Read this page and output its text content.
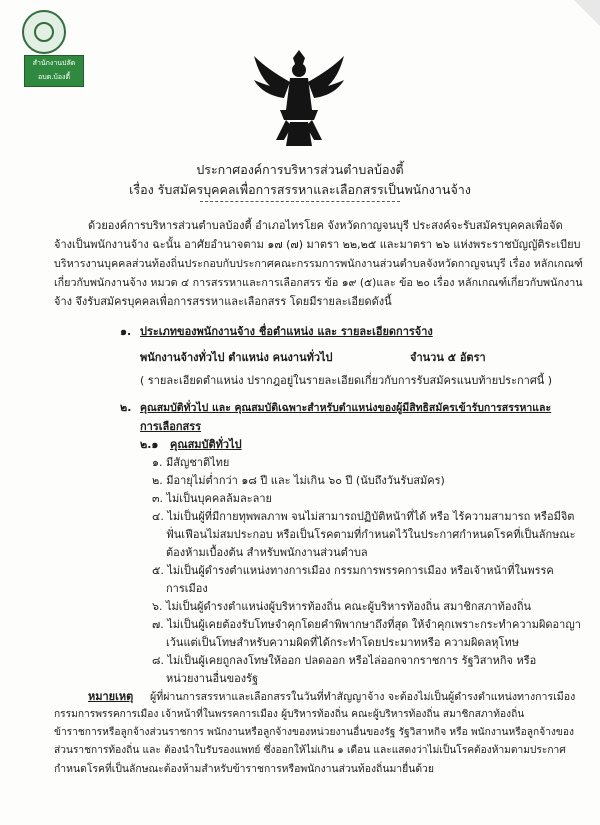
สำนักงานปลัด
อบต.บ้องตี้
ประกาศองค์การบริหารส่วนตำบลบ้องตี้
เรื่อง รับสมัครบุคคลเพื่อการสรรหาและเลือกสรรเป็นพนักงานจ้าง
ด้วยองค์การบริหารส่วนตำบลบ้องตี้ อำเภอไทรโยค จังหวัดกาญจนบุรี ประสงค์จะรับสมัครบุคคลเพื่อจัด
จ้างเป็นพนักงานจ้าง ฉะนั้น อาศัยอำนาจตาม ๑๗ (๗) มาตรา ๒๒,๒๕ และมาตรา ๒๖ แห่งพระราชบัญญัติระเบียบ
บริหารงานบุคคลส่วนท้องถิ่นประกอบกับประกาศคณะกรรมการพนักงานส่วนตำบลจังหวัดกาญจนบุรี เรื่อง หลักเกณฑ์
เกี่ยวกับพนักงานจ้าง หมวด ๔ การสรรหาและการเลือกสรร ข้อ ๑๙ (๕)และ ข้อ ๒๐ เรื่อง หลักเกณฑ์เกี่ยวกับพนักงาน
จ้าง จึงรับสมัครบุคคลเพื่อการสรรหาและเลือกสรร โดยมีรายละเอียดดังนี้
๑. ประเภทของพนักงานจ้าง ชื่อตำแหน่ง และ รายละเอียดการจ้าง
พนักงานจ้างทั่วไป ตำแหน่ง คนงานทั่วไป	จำนวน ๕ อัตรา
( รายละเอียดตำแหน่ง ปรากฎอยู่ในรายละเอียดเกี่ยวกับการรับสมัครแนบท้ายประกาศนี้ )
๒. คุณสมบัติทั่วไป และ คุณสมบัติเฉพาะสำหรับตำแหน่งของผู้มีสิทธิสมัครเข้ารับการสรรหาและ
การเลือกสรร
๒.๑ คุณสมบัติทั่วไป
๑. มีสัญชาติไทย
๒. มีอายุไม่ต่ำกว่า ๑๘ ปี และ ไม่เกิน ๖๐ ปี (นับถึงวันรับสมัคร)
๓. ไม่เป็นบุคคลล้มละลาย
๔. ไม่เป็นผู้ที่มีกายทุพพลภาพ จนไม่สามารถปฏิบัติหน้าที่ได้ หรือ ไร้ความสามารถ หรือมีจิต
ฟั่นเฟือนไม่สมประกอบ หรือเป็นโรคตามที่กำหนดไว้ในประกาศกำหนดโรคที่เป็นลักษณะ
ต้องห้ามเบื้องต้น สำหรับพนักงานส่วนตำบล
๕. ไม่เป็นผู้ดำรงตำแหน่งทางการเมือง กรรมการพรรคการเมือง หรือเจ้าหน้าที่ในพรรค
การเมือง
๖. ไม่เป็นผู้ดำรงตำแหน่งผู้บริหารท้องถิ่น คณะผู้บริหารท้องถิ่น สมาชิกสภาท้องถิ่น
๗. ไม่เป็นผู้เคยต้องรับโทษจำคุกโดยคำพิพากษาถึงที่สุด ให้จำคุกเพราะกระทำความผิดอาญา
เว้นแต่เป็นโทษสำหรับความผิดที่ได้กระทำโดยประมาทหรือ ความผิดลหุโทษ
๘. ไม่เป็นผู้เคยถูกลงโทษให้ออก ปลดออก หรือไล่ออกจากราชการ รัฐวิสาหกิจ หรือ
หน่วยงานอื่นของรัฐ
หมายเหตุ ผู้ที่ผ่านการสรรหาและเลือกสรรในวันที่ทำสัญญาจ้าง จะต้องไม่เป็นผู้ดำรงตำแหน่งทางการเมือง
กรรมการพรรคการเมือง เจ้าหน้าที่ในพรรคการเมือง ผู้บริหารท้องถิ่น คณะผู้บริหารท้องถิ่น สมาชิกสภาท้องถิ่น
ข้าราชการหรือลูกจ้างส่วนราชการ พนักงานหรือลูกจ้างของหน่วยงานอื่นของรัฐ รัฐวิสาหกิจ หรือ พนักงานหรือลูกจ้างของ
ส่วนราชการท้องถิ่น และ ต้องนำใบรับรองแพทย์ ซึ่งออกให้ไม่เกิน ๑ เดือน และแสดงว่าไม่เป็นโรคต้องห้ามตามประกาศ
กำหนดโรคที่เป็นลักษณะต้องห้ามสำหรับข้าราชการหรือพนักงานส่วนท้องถิ่นมายื่นด้วย
